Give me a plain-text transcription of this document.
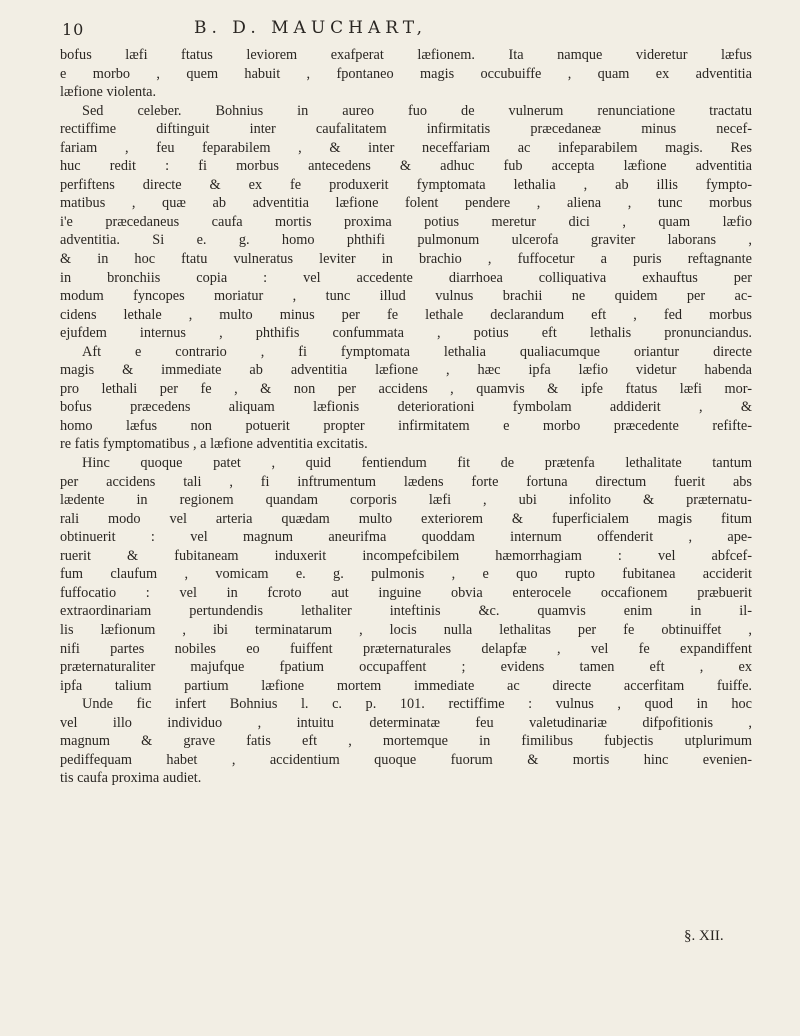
10	B. D. MAUCHART,
bofus læfi ftatus leviorem exafperat læfionem. Ita namque videretur læfus
e morbo , quem habuit , fpontaneo magis occubuiffe , quam ex adventitia
læfione violenta.
Sed celeber. Bohnius in aureo fuo de vulnerum renunciatione tractatu
rectiffime diftinguit inter caufalitatem infirmitatis præcedaneæ minus necef-
fariam , feu feparabilem , & inter neceffariam ac infeparabilem magis. Res
huc redit : fi morbus antecedens & adhuc fub accepta læfione adventitia
perfiftens directe & ex fe produxerit fymptomata lethalia , ab illis fympto-
matibus , quæ ab adventitia læfione folent pendere , aliena , tunc morbus
i'e præcedaneus caufa mortis proxima potius meretur dici , quam læfio
adventitia. Si e. g. homo phthifi pulmonum ulcerofa graviter laborans ,
& in hoc ftatu vulneratus leviter in brachio , fuffocetur a puris reftagnante
in bronchiis copia : vel accedente diarrhoea colliquativa exhauftus per
modum fyncopes moriatur , tunc illud vulnus brachii ne quidem per ac-
cidens lethale , multo minus per fe lethale declarandum eft , fed morbus
ejufdem internus , phthifis confummata , potius eft lethalis pronunciandus.
Aft e contrario , fi fymptomata lethalia qualiacumque oriantur directe
magis & immediate ab adventitia læfione , hæc ipfa læfio videtur habenda
pro lethali per fe , & non per accidens , quamvis & ipfe ftatus læfi mor-
bofus præcedens aliquam læfionis deteriorationi fymbolam addiderit , &
homo læfus non potuerit propter infirmitatem e morbo præcedente refifte-
re fatis fymptomatibus , a læfione adventitia excitatis.
Hinc quoque patet , quid fentiendum fit de prætenfa lethalitate tantum
per accidens tali , fi inftrumentum lædens forte fortuna directum fuerit abs
lædente in regionem quandam corporis læfi , ubi infolito & præternatu-
rali modo vel arteria quædam multo exteriorem & fuperficialem magis fitum
obtinuerit : vel magnum aneurifma quoddam internum offenderit , ape-
ruerit & fubitaneam induxerit incompefcibilem hæmorrhagiam : vel abfcef-
fum claufum , vomicam e. g. pulmonis , e quo rupto fubitanea acciderit
fuffocatio : vel in fcroto aut inguine obvia enterocele occafionem præbuerit
extraordinariam pertundendis lethaliter inteftinis &c. quamvis enim in il-
lis læfionum , ibi terminatarum , locis nulla lethalitas per fe obtinuiffet ,
nifi partes nobiles eo fuiffent præternaturales delapfæ , vel fe expandiffent
præternaturaliter majufque fpatium occupaffent ; evidens tamen eft , ex
ipfa talium partium læfione mortem immediate ac directe accerfitam fuiffe.
Unde fic infert Bohnius l. c. p. 101. rectiffime : vulnus , quod in hoc
vel illo individuo , intuitu determinatæ feu valetudinariæ difpofitionis ,
magnum & grave fatis eft , mortemque in fimilibus fubjectis utplurimum
pediffequam habet , accidentium quoque fuorum & mortis hinc evenien-
tis caufa proxima audiet.
§. XII.
